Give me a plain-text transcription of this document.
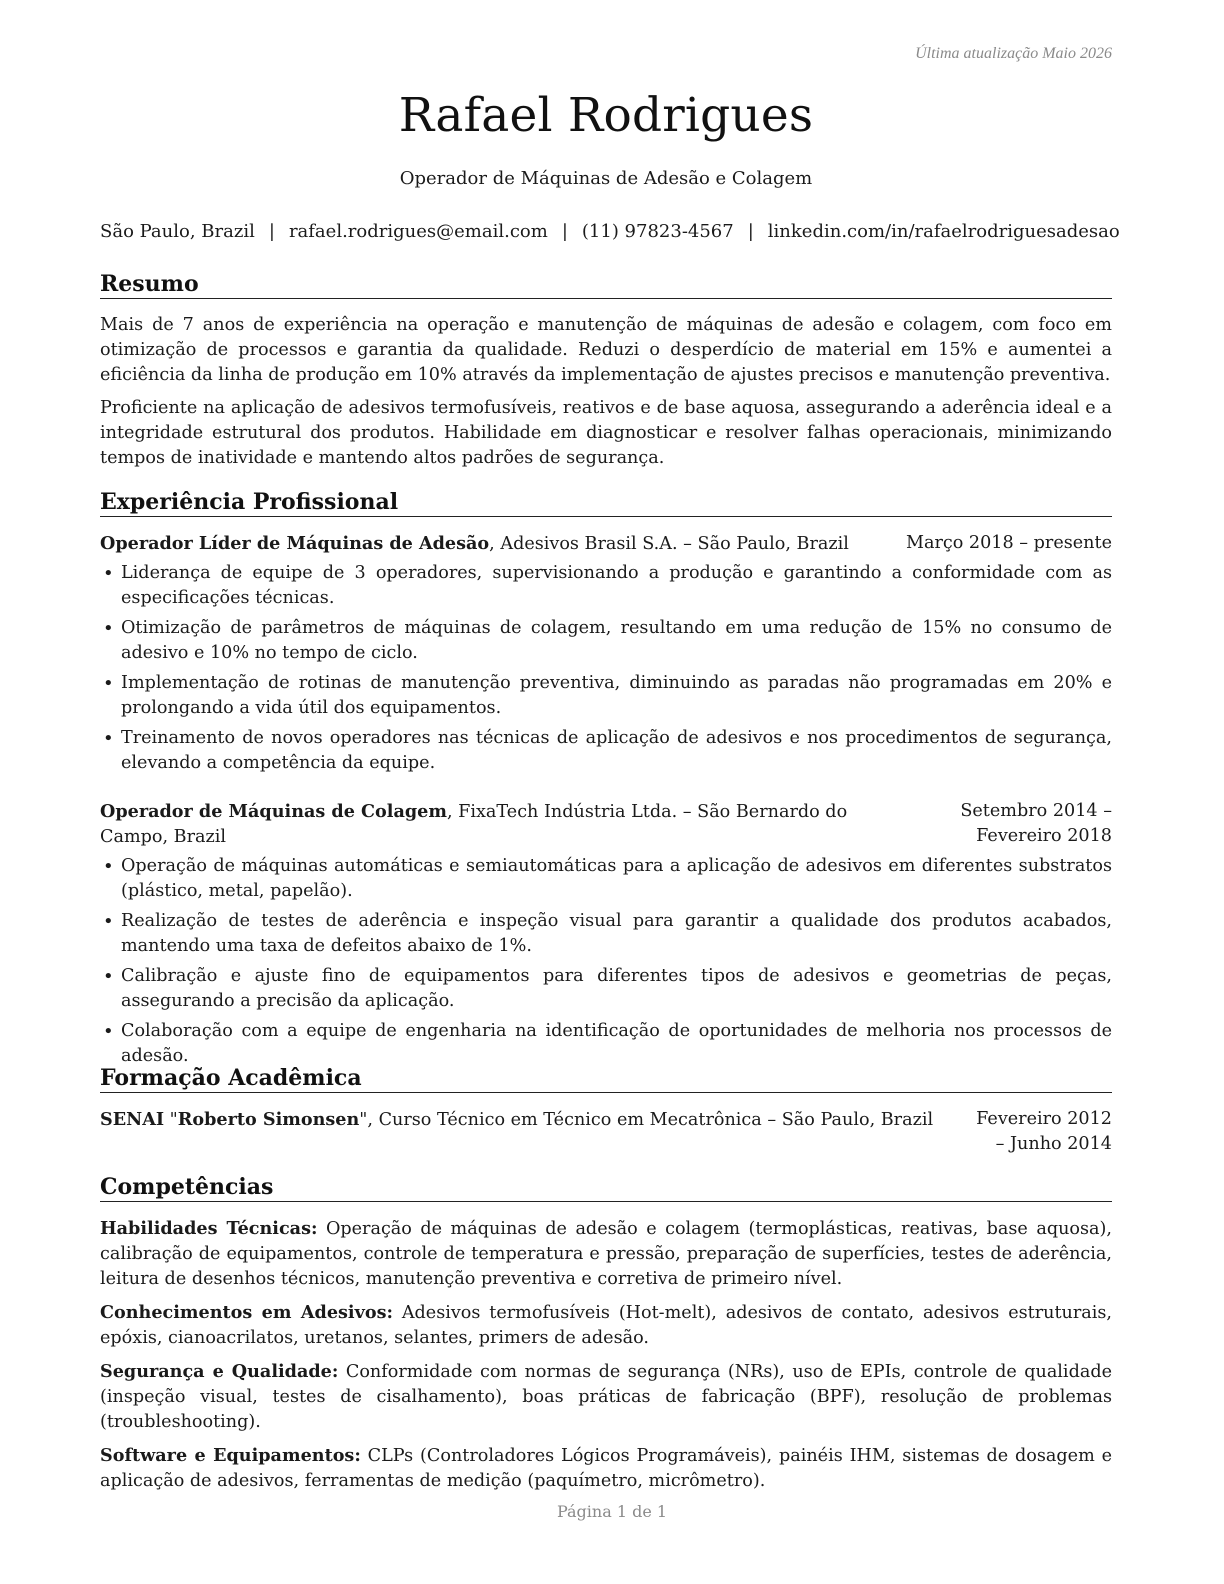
Última atualização Maio 2026
Rafael Rodrigues
Operador de Máquinas de Adesão e Colagem
São Paulo, Brazil | rafael.rodrigues@email.com | (11) 97823-4567 | linkedin.com/in/rafaelrodriguesadesao
Resumo

Mais de 7 anos de experiência na operação e manutenção de máquinas de adesão e colagem, com foco em otimização de processos e garantia da qualidade. Reduzi o desperdício de material em 15% e aumentei a eficiência da linha de produção em 10% através da implementação de ajustes precisos e manutenção preventiva.

Proficiente na aplicação de adesivos termofusíveis, reativos e de base aquosa, assegurando a aderência ideal e a integridade estrutural dos produtos. Habilidade em diagnosticar e resolver falhas operacionais, minimizando tempos de inatividade e mantendo altos padrões de segurança.

Experiência Profissional
Operador Líder de Máquinas de Adesão, Adesivos Brasil S.A. – São Paulo, Brazil	Março 2018 – presente
• Liderança de equipe de 3 operadores, supervisionando a produção e garantindo a conformidade com as especificações técnicas.
• Otimização de parâmetros de máquinas de colagem, resultando em uma redução de 15% no consumo de adesivo e 10% no tempo de ciclo.
• Implementação de rotinas de manutenção preventiva, diminuindo as paradas não programadas em 20% e prolongando a vida útil dos equipamentos.
• Treinamento de novos operadores nas técnicas de aplicação de adesivos e nos procedimentos de segurança, elevando a competência da equipe.
Operador de Máquinas de Colagem, FixaTech Indústria Ltda. – São Bernardo do Campo, Brazil
Setembro 2014 – Fevereiro 2018
• Operação de máquinas automáticas e semiautomáticas para a aplicação de adesivos em diferentes substratos (plástico, metal, papelão).
• Realização de testes de aderência e inspeção visual para garantir a qualidade dos produtos acabados, mantendo uma taxa de defeitos abaixo de 1%.
• Calibração e ajuste fino de equipamentos para diferentes tipos de adesivos e geometrias de peças, assegurando a precisão da aplicação.
• Colaboração com a equipe de engenharia na identificação de oportunidades de melhoria nos processos de adesão.
Formação Acadêmica
SENAI "Roberto Simonsen", Curso Técnico em Técnico em Mecatrônica – São Paulo, Brazil	Fevereiro 2012 – Junho 2014
Competências

Habilidades Técnicas: Operação de máquinas de adesão e colagem (termoplásticas, reativas, base aquosa), calibração de equipamentos, controle de temperatura e pressão, preparação de superfícies, testes de aderência, leitura de desenhos técnicos, manutenção preventiva e corretiva de primeiro nível.

Conhecimentos em Adesivos: Adesivos termofusíveis (Hot-melt), adesivos de contato, adesivos estruturais, epóxis, cianoacrilatos, uretanos, selantes, primers de adesão.

Segurança e Qualidade: Conformidade com normas de segurança (NRs), uso de EPIs, controle de qualidade (inspeção visual, testes de cisalhamento), boas práticas de fabricação (BPF), resolução de problemas (troubleshooting).

Software e Equipamentos: CLPs (Controladores Lógicos Programáveis), painéis IHM, sistemas de dosagem e aplicação de adesivos, ferramentas de medição (paquímetro, micrômetro).

Página 1 de 1
